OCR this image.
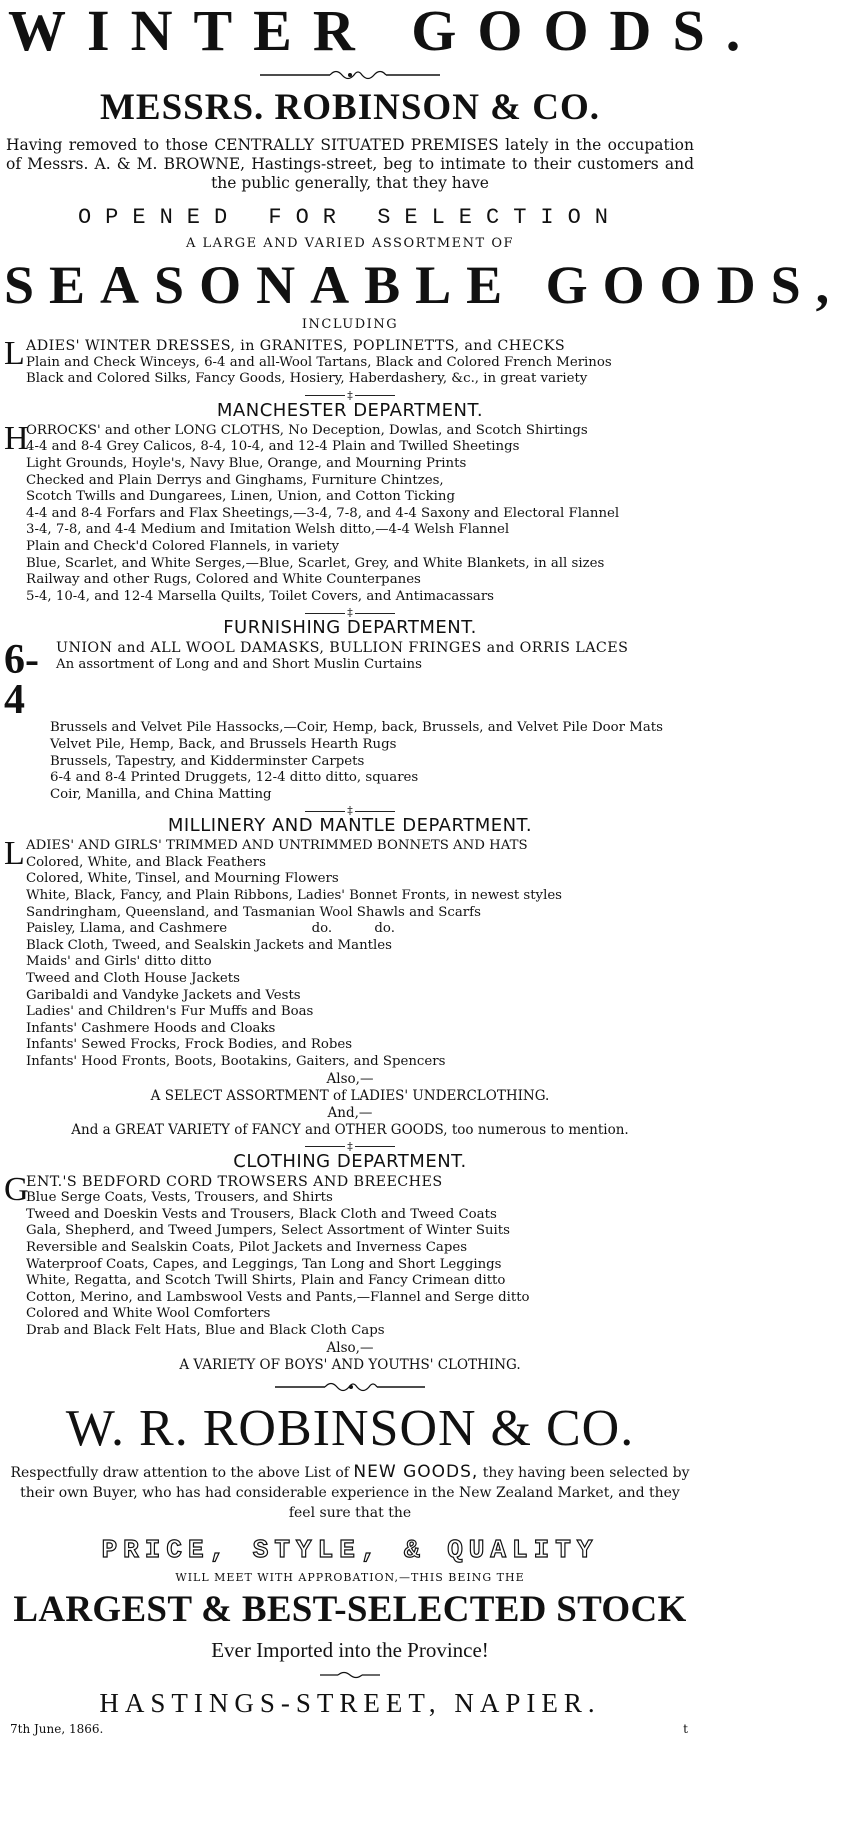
WINTER GOODS.
MESSRS. ROBINSON & CO.
Having removed to those CENTRALLY SITUATED PREMISES lately in the occupation of Messrs. A. & M. BROWNE, Hastings-street, beg to intimate to their customers and the public generally, that they have
OPENED FOR SELECTION
A LARGE AND VARIED ASSORTMENT OF
SEASONABLE GOODS,
INCLUDING
L ADIES' WINTER DRESSES, in GRANITES, POPLINETTS, and CHECKS
Plain and Check Winceys, 6-4 and all-Wool Tartans, Black and Colored French Merinos
Black and Colored Silks, Fancy Goods, Hosiery, Haberdashery, &c., in great variety
‡
MANCHESTER DEPARTMENT.
H
ORROCKS' and other LONG CLOTHS, No Deception, Dowlas, and Scotch Shirtings
4-4 and 8-4 Grey Calicos, 8-4, 10-4, and 12-4 Plain and Twilled Sheetings
Light Grounds, Hoyle's, Navy Blue, Orange, and Mourning Prints
Checked and Plain Derrys and Ginghams, Furniture Chintzes,
Scotch Twills and Dungarees, Linen, Union, and Cotton Ticking
4-4 and 8-4 Forfars and Flax Sheetings,—3-4, 7-8, and 4-4 Saxony and Electoral Flannel
3-4, 7-8, and 4-4 Medium and Imitation Welsh ditto,—4-4 Welsh Flannel
Plain and Check'd Colored Flannels, in variety
Blue, Scarlet, and White Serges,—Blue, Scarlet, Grey, and White Blankets, in all sizes
Railway and other Rugs, Colored and White Counterpanes
5-4, 10-4, and 12-4 Marsella Quilts, Toilet Covers, and Antimacassars
‡
FURNISHING DEPARTMENT.
6-4
UNION and ALL WOOL DAMASKS, BULLION FRINGES and ORRIS LACES
An assortment of Long and and Short Muslin Curtains
Brussels and Velvet Pile Hassocks,—Coir, Hemp, back, Brussels, and Velvet Pile Door Mats
Velvet Pile, Hemp, Back, and Brussels Hearth Rugs
Brussels, Tapestry, and Kidderminster Carpets
6-4 and 8-4 Printed Druggets, 12-4 ditto ditto, squares
Coir, Manilla, and China Matting
‡
MILLINERY AND MANTLE DEPARTMENT.
L ADIES' AND GIRLS' TRIMMED AND UNTRIMMED BONNETS AND HATS
Colored, White, and Black Feathers
Colored, White, Tinsel, and Mourning Flowers
White, Black, Fancy, and Plain Ribbons, Ladies' Bonnet Fronts, in newest styles
Sandringham, Queensland, and Tasmanian Wool Shawls and Scarfs
Paisley, Llama, and Cashmere                    do.          do.
Black Cloth, Tweed, and Sealskin Jackets and Mantles
Maids' and Girls' ditto ditto
Tweed and Cloth House Jackets
Garibaldi and Vandyke Jackets and Vests
Ladies' and Children's Fur Muffs and Boas
Infants' Cashmere Hoods and Cloaks
Infants' Sewed Frocks, Frock Bodies, and Robes
Infants' Hood Fronts, Boots, Bootakins, Gaiters, and Spencers
Also,—
A SELECT ASSORTMENT of LADIES' UNDERCLOTHING.
And,—
And a GREAT VARIETY of FANCY and OTHER GOODS, too numerous to mention.
‡
CLOTHING DEPARTMENT.
G
ENT.'S BEDFORD CORD TROWSERS AND BREECHES
Blue Serge Coats, Vests, Trousers, and Shirts
Tweed and Doeskin Vests and Trousers, Black Cloth and Tweed Coats
Gala, Shepherd, and Tweed Jumpers, Select Assortment of Winter Suits
Reversible and Sealskin Coats, Pilot Jackets and Inverness Capes
Waterproof Coats, Capes, and Leggings, Tan Long and Short Leggings
White, Regatta, and Scotch Twill Shirts, Plain and Fancy Crimean ditto
Cotton, Merino, and Lambswool Vests and Pants,—Flannel and Serge ditto
Colored and White Wool Comforters
Drab and Black Felt Hats, Blue and Black Cloth Caps
Also,—
A VARIETY OF BOYS' AND YOUTHS' CLOTHING.
W. R. ROBINSON & CO.
Respectfully draw attention to the above List of NEW GOODS, they having been selected by their own Buyer, who has had considerable experience in the New Zealand Market, and they feel sure that the
PRICE, STYLE, & QUALITY
WILL MEET WITH APPROBATION,—THIS BEING THE
LARGEST & BEST-SELECTED STOCK
Ever Imported into the Province!
HASTINGS-STREET, NAPIER.
7th June, 1866.	t
